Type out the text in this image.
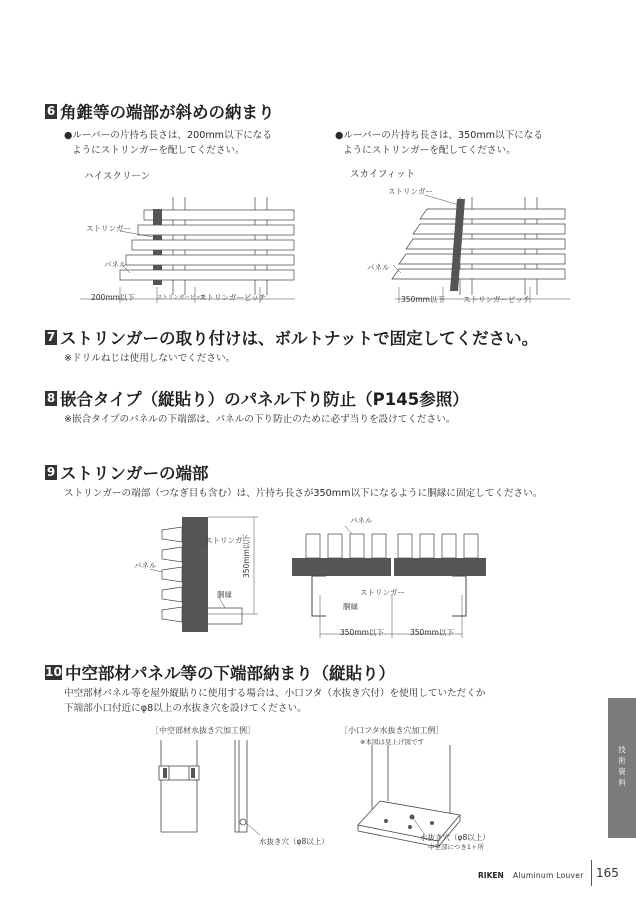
6 角錐等の端部が斜めの納まり
●ルーバーの片持ち長さは、200mm以下になる
ようにストリンガーを配してください。
●ルーバーの片持ち長さは、350mm以下になる
ようにストリンガーを配してください。
ハイスクリーン	スカイフィット
ストリンガー
パネル
200mm以下	ストリンガーピッチ
ストリンガーピッチ
ストリンガー
パネル
350mm以下 ストリンガーピッチ
7 ストリンガーの取り付けは、ボルトナットで固定してください。
※ドリルねじは使用しないでください。
8 嵌合タイプ（縦貼り）のパネル下り防止（P145参照）
※嵌合タイプのパネルの下端部は、パネルの下り防止のために必ず当りを設けてください。
9 ストリンガーの端部
ストリンガーの端部（つなぎ目も含む）は、片持ち長さが350mm以下になるように胴縁に固定してください。
ストリンガー
パネル
胴縁
350mm以下
パネル
ストリンガー
胴縁
350mm以下	350mm以下
10 中空部材パネル等の下端部納まり（縦貼り）
中空部材パネル等を屋外縦貼りに使用する場合は、小口フタ（水抜き穴付）を使用していただくか
下端部小口付近にφ8以上の水抜き穴を設けてください。
［中空部材水抜き穴加工例］	［小口フタ水抜き穴加工例］
※本図は見上げ図です
水抜き穴（φ8以上）	水抜き穴（φ8以上）
中空部につき1ヶ所
技
術
資
料
RIKEN Aluminum Louver 165
